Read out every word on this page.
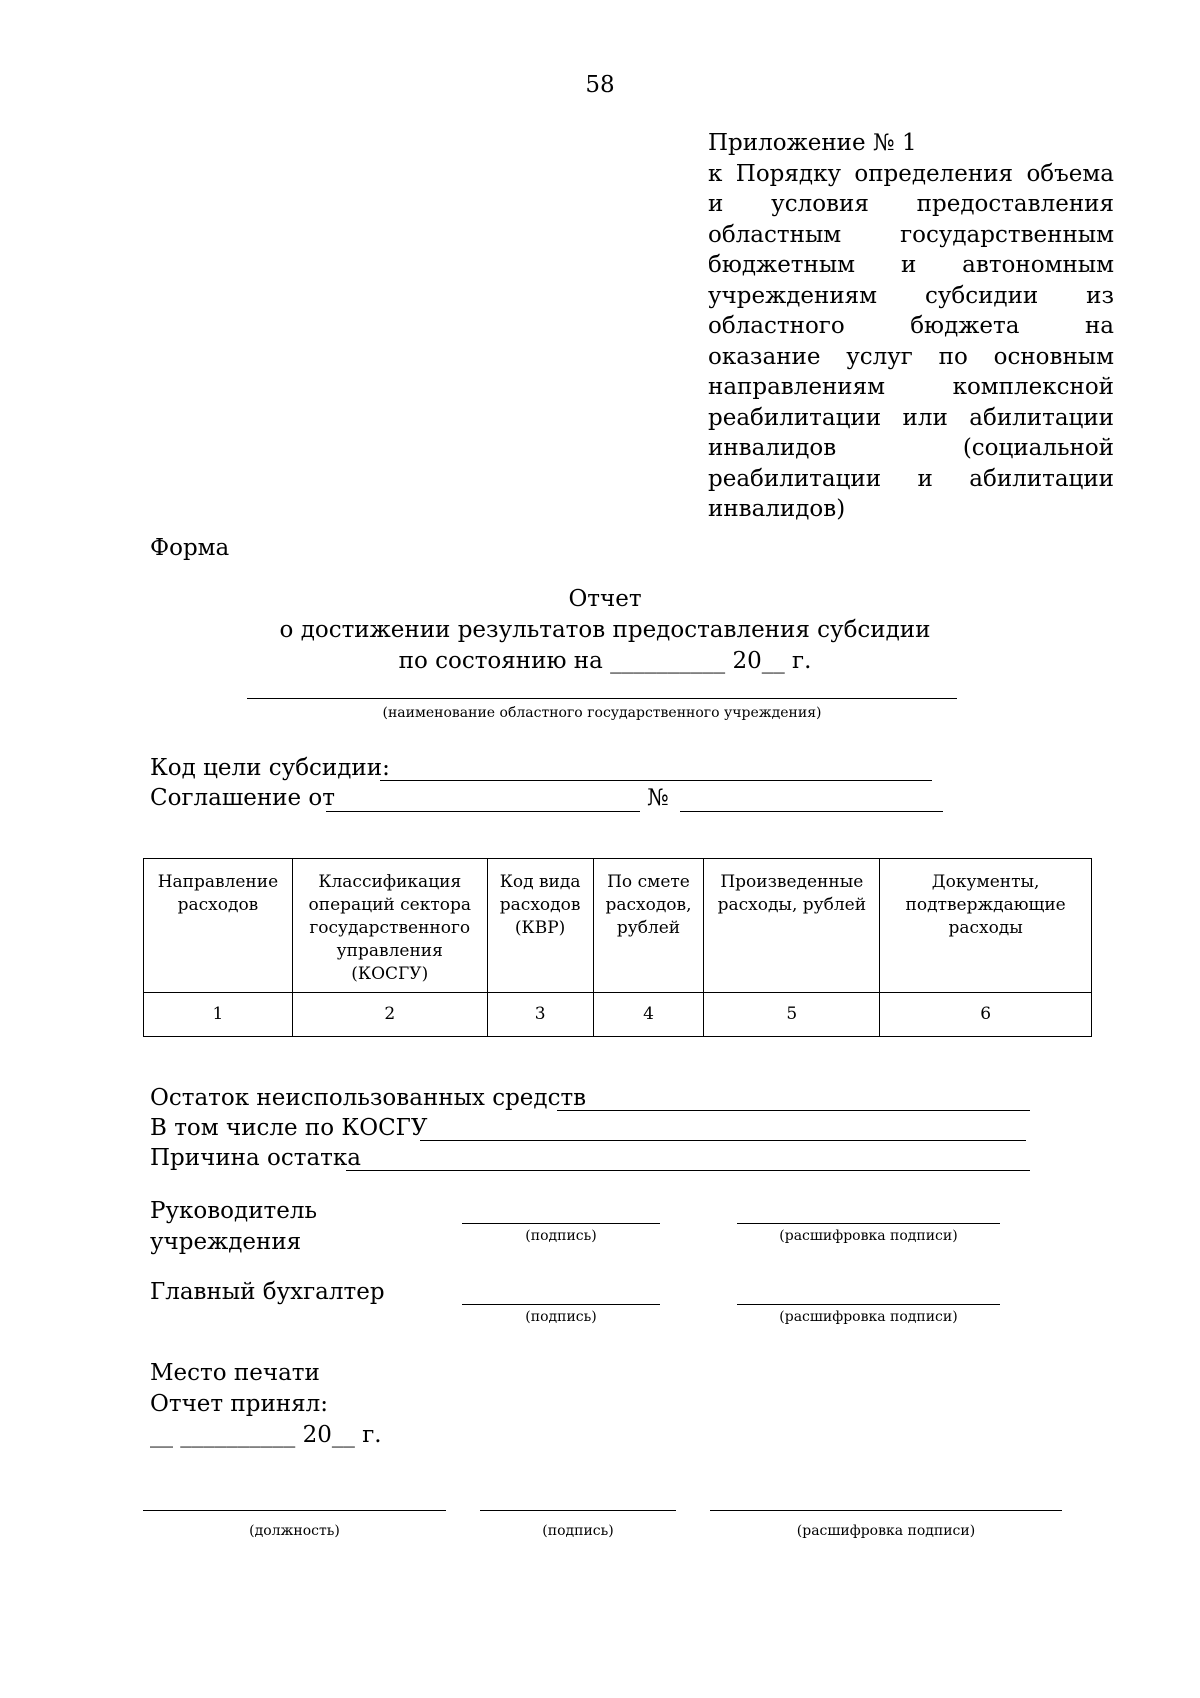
58
Приложение № 1
к Порядку определения объема и условия предоставления областным государственным бюджетным и автономным учреждениям субсидии из областного бюджета на оказание услуг по основным направлениям комплексной реабилитации или абилитации инвалидов (социальной реабилитации и абилитации инвалидов)
Форма
Отчет
о достижении результатов предоставления субсидии
по состоянию на __________ 20__ г.
(наименование областного государственного учреждения)
Код цели субсидии:
Соглашение от	№
Направление расходов	Классификация операций сектора государственного управления (КОСГУ)	Код вида расходов (КВР)	По смете расходов, рублей	Произведенные расходы, рублей	Документы, подтверждающие расходы
1	2	3	4	5	6
Остаток неиспользованных средств
В том числе по КОСГУ
Причина остатка
Руководитель
учреждения	(подпись)	(расшифровка подписи)
Главный бухгалтер
(подпись)	(расшифровка подписи)
Место печати
Отчет принял:
__ __________ 20__ г.
(должность)	(подпись)	(расшифровка подписи)
